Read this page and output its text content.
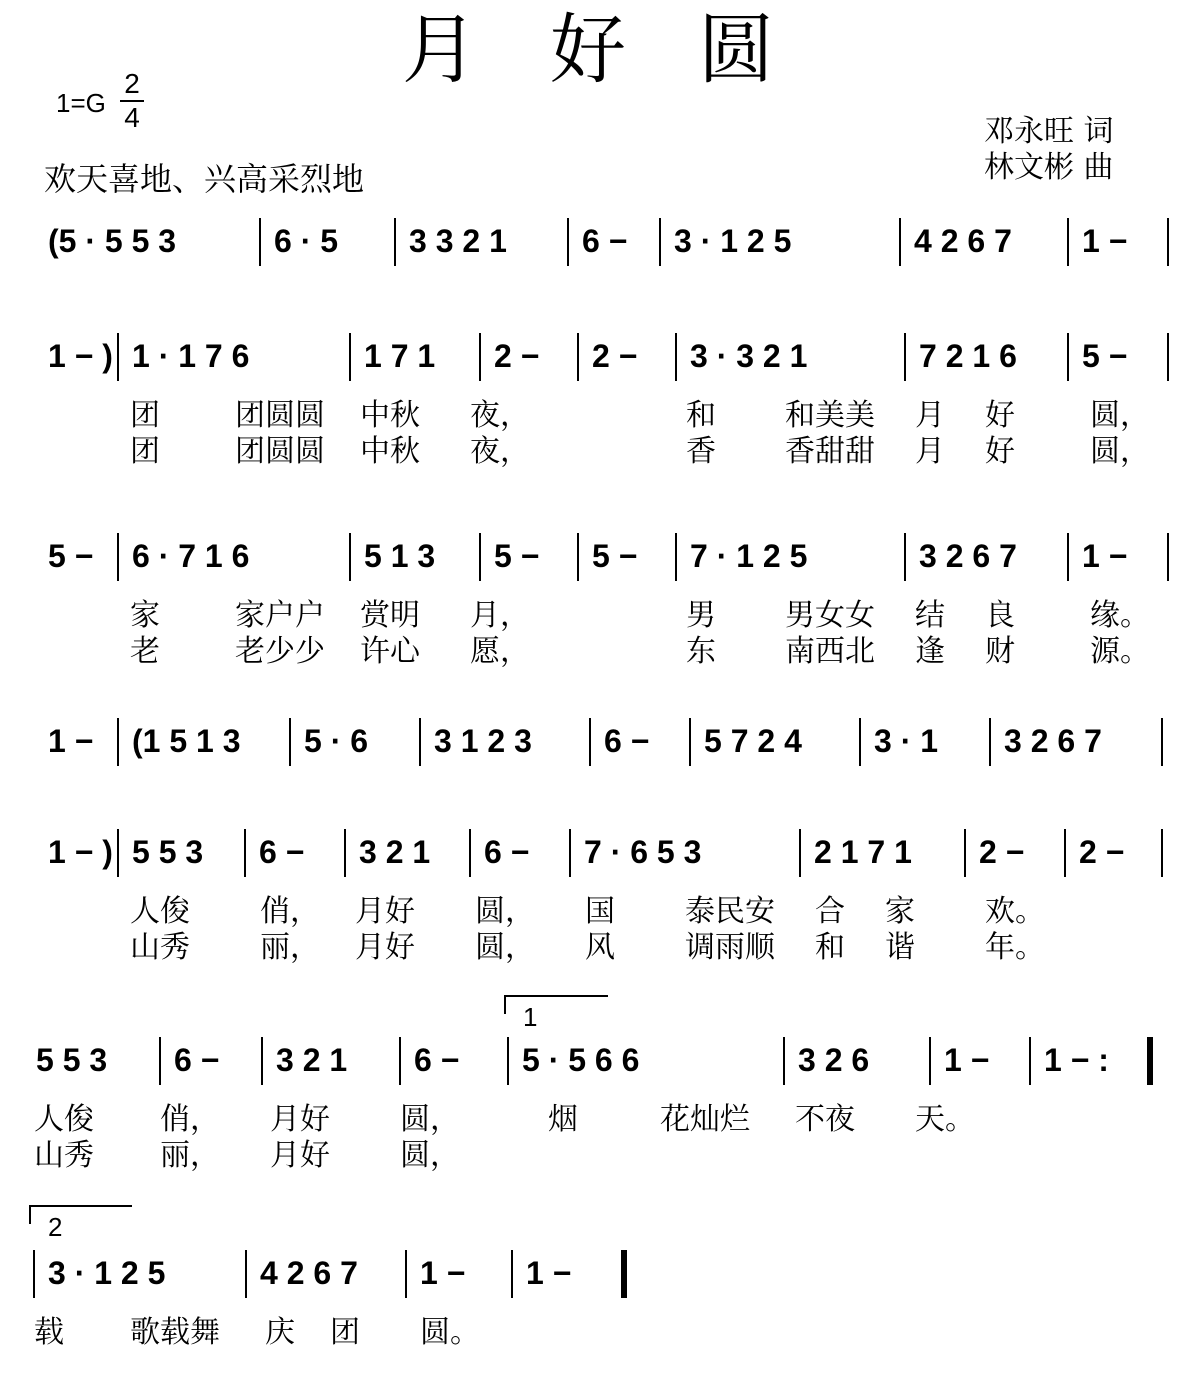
月 好 圆
1=G
2
4
欢天喜地、兴高采烈地
邓永旺 词
林文彬 曲
(5 · 5 5 3	6 · 5 3 3 2 1 6 − 3 · 1 2 5	4 2 6 7 1 −
1 − ) 1 · 1 7 6	1 7 1 2 − 2 − 3 · 3 2 1	7 2 1 6 5 −
团	团圆圆 中秋 夜，	和 和美美 月 好	圆，
团	团圆圆 中秋 夜，	香 香甜甜 月 好	圆，
5 − 6 · 7 1 6	5 1 3 5 − 5 − 7 · 1 2 5	3 2 6 7 1 −
家	家户户 赏明 月，	男 男女女 结 良	缘。
老	老少少 许心 愿，	东 南西北 逢 财	源。
1 − (1 5 1 3 5 · 6 3 1 2 3 6 − 5 7 2 4 3 · 1 3 2 6 7
1 − ) 5 5 3 6 − 3 2 1 6 − 7 · 6 5 3	2 1 7 1 2 − 2 −
人俊 俏， 月好 圆， 国 泰民安 合 家 欢。
山秀 丽， 月好 圆， 风 调雨顺 和 谐 年。
5 5 3 6 − 3 2 1 6 − 5 · 5 6 6	3 2 6 1 − 1 − :
1
人俊 俏， 月好 圆，	烟	花灿烂 不夜 天。
山秀 丽， 月好 圆，
3 · 1 2 5	4 2 6 7 1 − 1 −
2
载 歌载舞 庆 团 圆。
